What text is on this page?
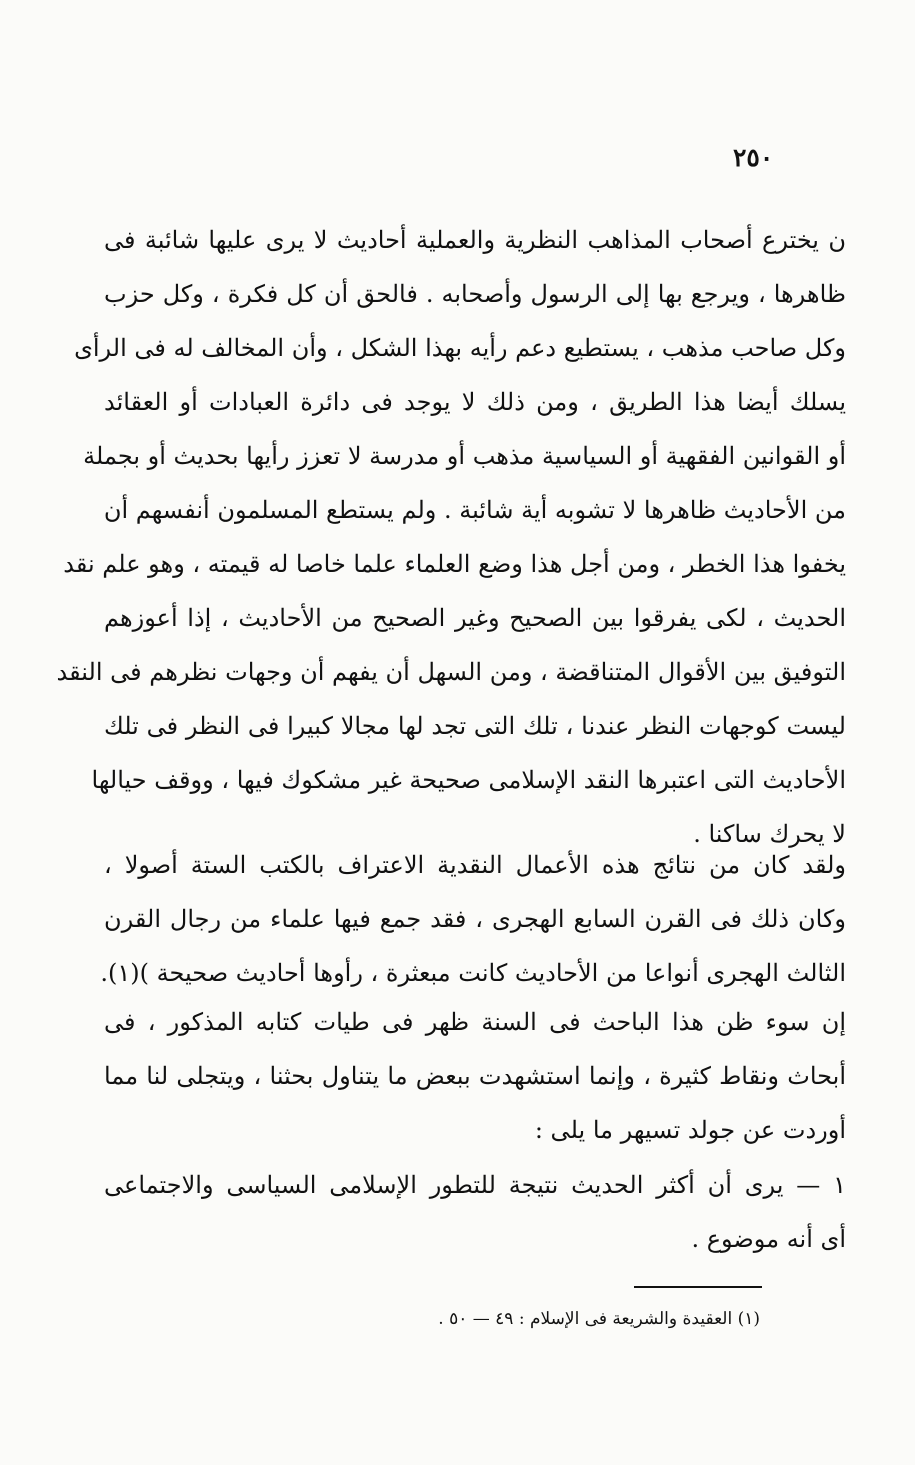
٢٥٠
ن يخترع أصحاب المذاهب النظرية والعملية أحاديث لا يرى عليها شائبة فى
ظاهرها ، ويرجع بها إلى الرسول وأصحابه . فالحق أن كل فكرة ، وكل حزب
وكل صاحب مذهب ، يستطيع دعم رأيه بهذا الشكل ، وأن المخالف له فى الرأى
يسلك أيضا هذا الطريق ، ومن ذلك لا يوجد فى دائرة العبادات أو العقائد
أو القوانين الفقهية أو السياسية مذهب أو مدرسة لا تعزز رأيها بحديث أو بجملة
من الأحاديث ظاهرها لا تشوبه أية شائبة . ولم يستطع المسلمون أنفسهم أن
يخفوا هذا الخطر ، ومن أجل هذا وضع العلماء علما خاصا له قيمته ، وهو علم نقد
الحديث ، لكى يفرقوا بين الصحيح وغير الصحيح من الأحاديث ، إذا أعوزهم
التوفيق بين الأقوال المتناقضة ، ومن السهل أن يفهم أن وجهات نظرهم فى النقد
ليست كوجهات النظر عندنا ، تلك التى تجد لها مجالا كبيرا فى النظر فى تلك
الأحاديث التى اعتبرها النقد الإسلامى صحيحة غير مشكوك فيها ، ووقف حيالها
لا يحرك ساكنا .
ولقد كان من نتائج هذه الأعمال النقدية الاعتراف بالكتب الستة أصولا ،
وكان ذلك فى القرن السابع الهجرى ، فقد جمع فيها علماء من رجال القرن
الثالث الهجرى أنواعا من الأحاديث كانت مبعثرة ، رأوها أحاديث صحيحة )(١).
إن سوء ظن هذا الباحث فى السنة ظهر فى طيات كتابه المذكور ، فى
أبحاث ونقاط كثيرة ، وإنما استشهدت ببعض ما يتناول بحثنا ، ويتجلى لنا مما
أوردت عن جولد تسيهر ما يلى :
١ — يرى أن أكثر الحديث نتيجة للتطور الإسلامى السياسى والاجتماعى
أى أنه موضوع .
(١) العقيدة والشريعة فى الإسلام : ٤٩ — ٥٠ .
